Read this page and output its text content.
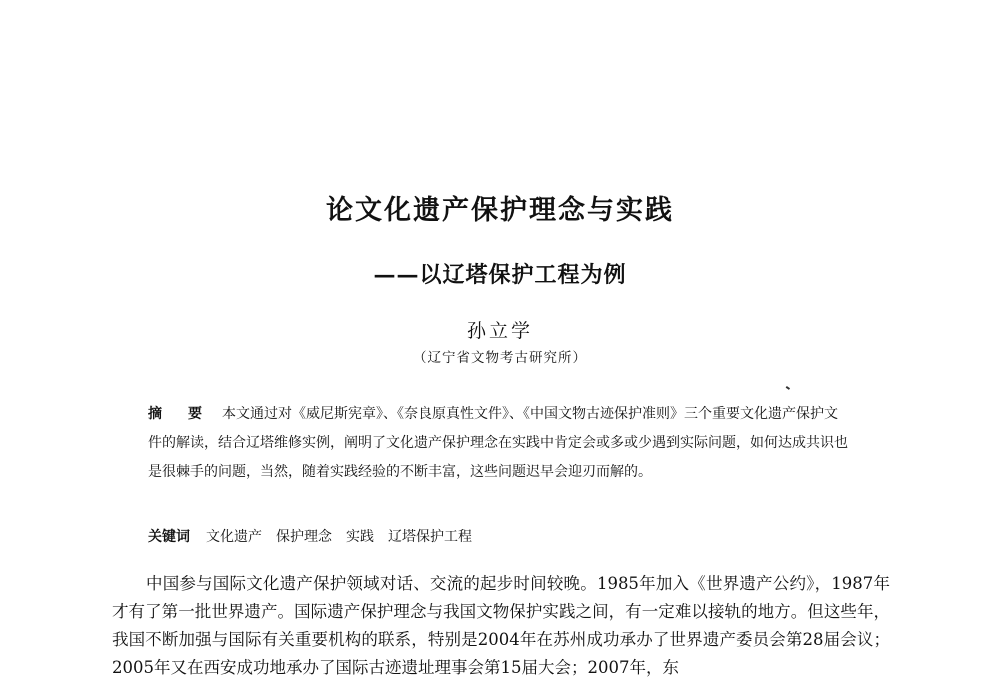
论文化遗产保护理念与实践
——以辽塔保护工程为例
孙立学
（辽宁省文物考古研究所）

摘　要 本文通过对《威尼斯宪章》、《奈良原真性文件》、《中国文物古迹保护准则》三个重要文化遗产保护文件的解读，结合辽塔维修实例，阐明了文化遗产保护理念在实践中肯定会或多或少遇到实际问题，如何达成共识也是很棘手的问题，当然，随着实践经验的不断丰富，这些问题迟早会迎刃而解的。

关键词 文化遗产 保护理念 实践 辽塔保护工程

中国参与国际文化遗产保护领域对话、交流的起步时间较晚。1985年加入《世界遗产公约》，1987年才有了第一批世界遗产。国际遗产保护理念与我国文物保护实践之间，有一定难以接轨的地方。但这些年，我国不断加强与国际有关重要机构的联系，特别是2004年在苏州成功承办了世界遗产委员会第28届会议；2005年又在西安成功地承办了国际古迹遗址理事会第15届大会；2007年，东
